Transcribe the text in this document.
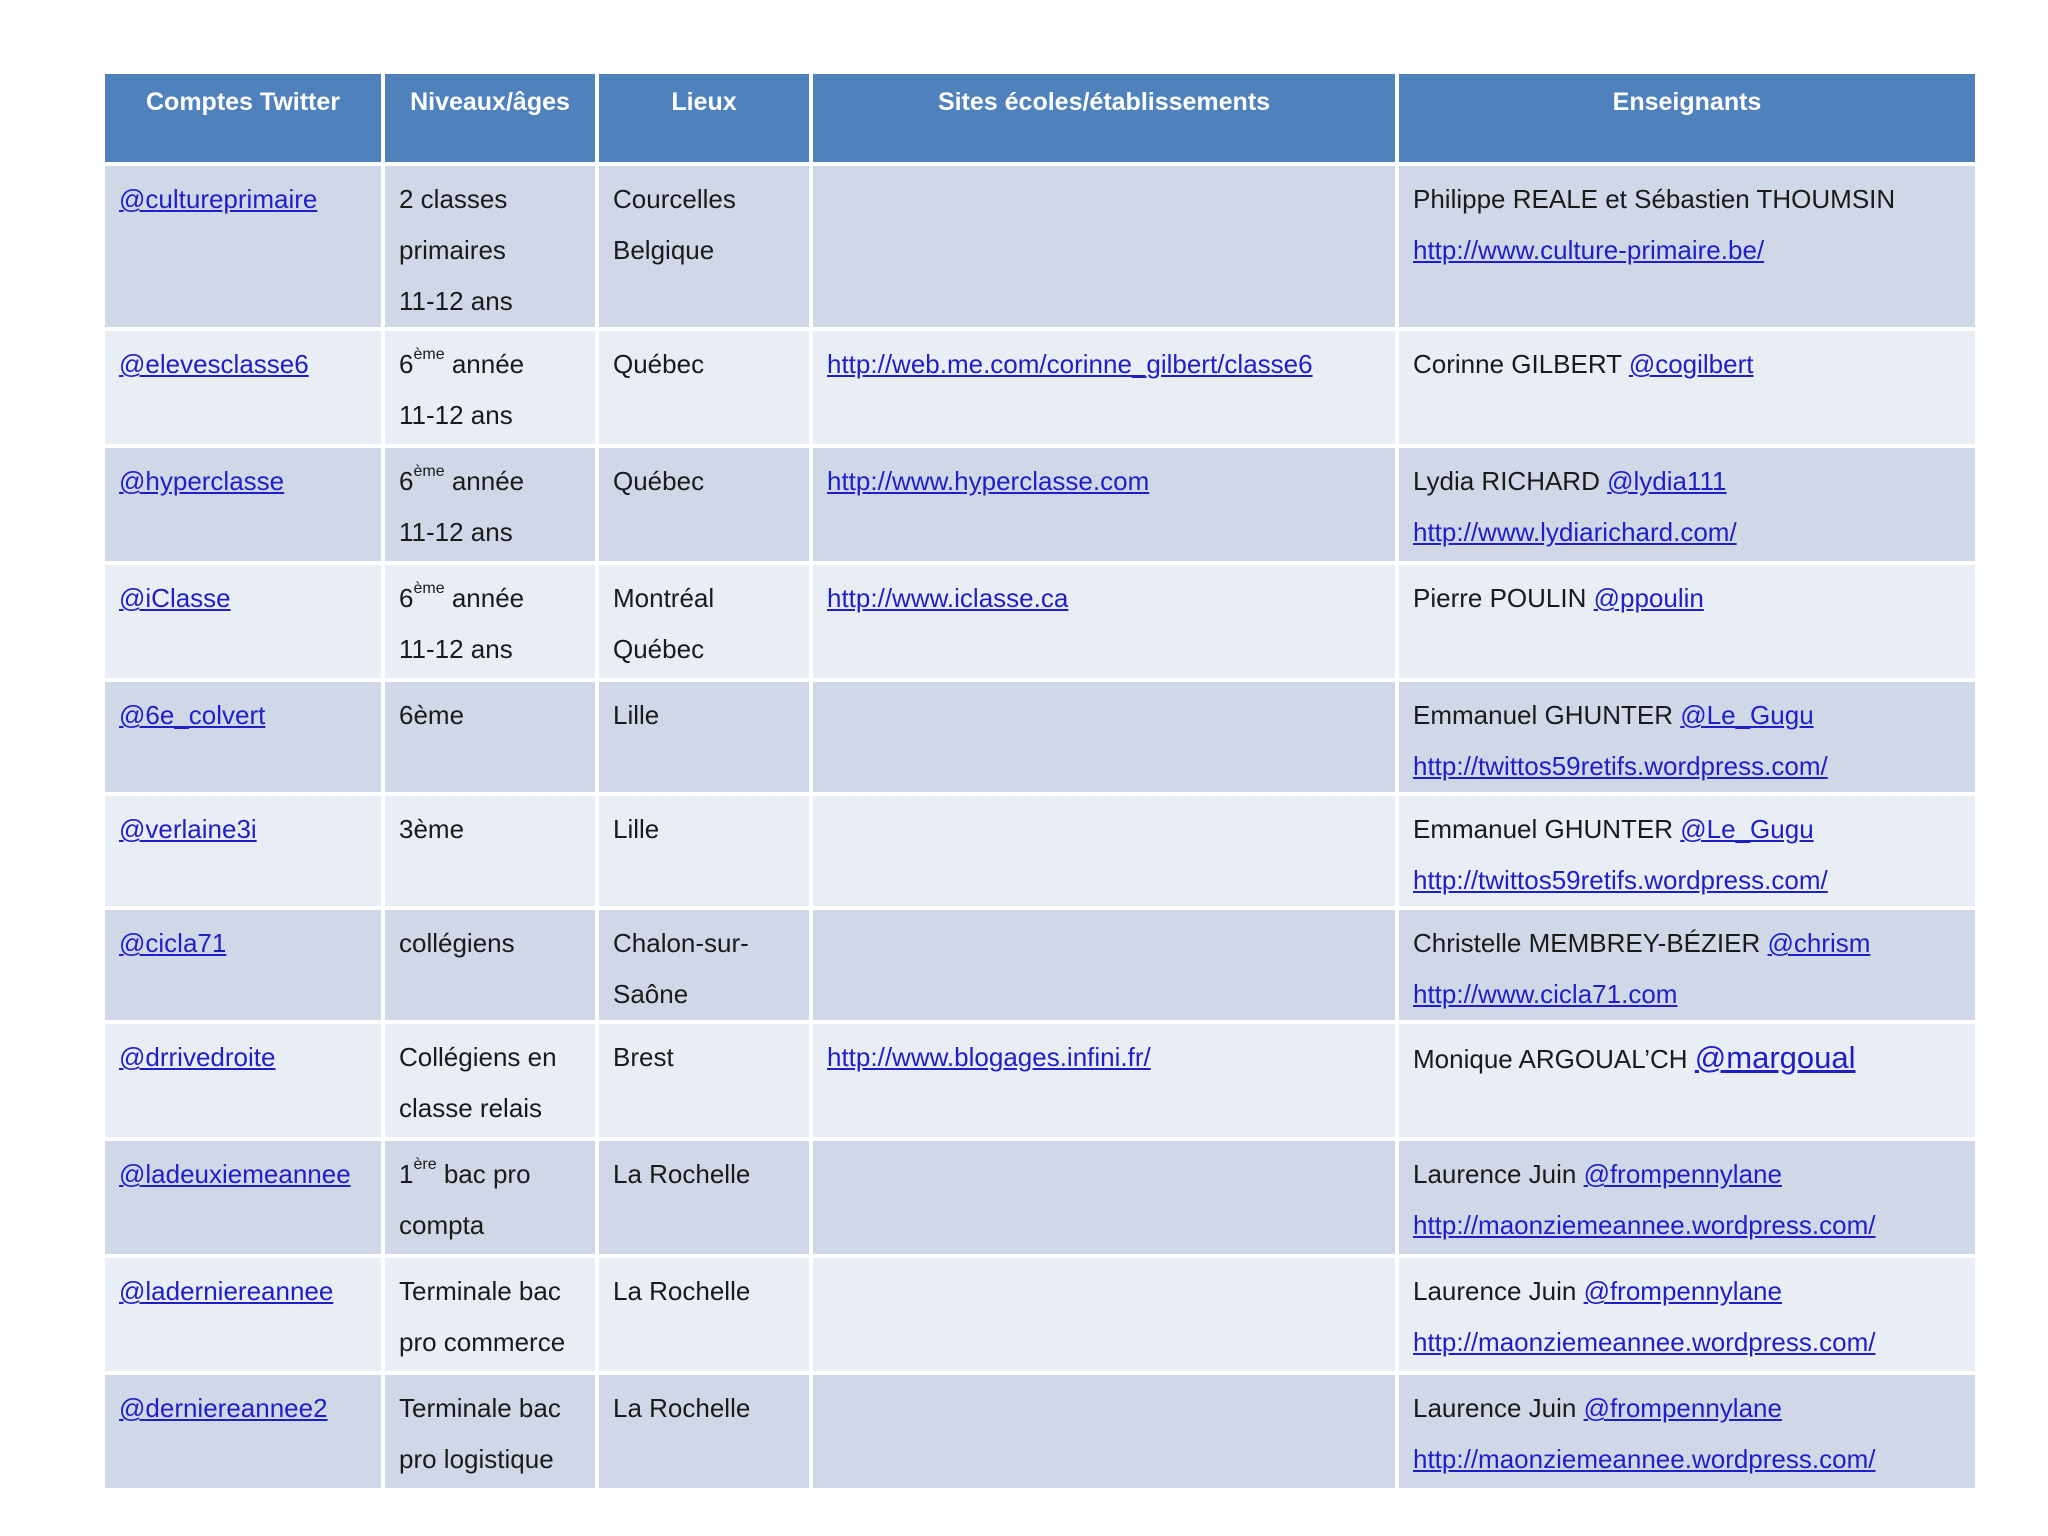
Comptes Twitter	Niveaux/âges	Lieux	Sites écoles/établissements	Enseignants
@cultureprimaire	2 classes
primaires
11-12 ans	Courcelles
Belgique		Philippe REALE et Sébastien THOUMSIN
http://www.culture-primaire.be/

@elevesclasse6	6ème année
11-12 ans	Québec	http://web.me.com/corinne_gilbert/classe6	Corinne GILBERT @cogilbert

@hyperclasse	6ème année
11-12 ans	Québec	http://www.hyperclasse.com	Lydia RICHARD @lydia111
http://www.lydiarichard.com/

@iClasse	6ème année
11-12 ans	Montréal
Québec	http://www.iclasse.ca	Pierre POULIN @ppoulin

@6e_colvert	6ème	Lille		Emmanuel GHUNTER @Le_Gugu
http://twittos59retifs.wordpress.com/

@verlaine3i	3ème	Lille		Emmanuel GHUNTER @Le_Gugu
http://twittos59retifs.wordpress.com/

@cicla71	collégiens	Chalon-sur-
Saône		Christelle MEMBREY-BÉZIER @chrism
http://www.cicla71.com

@drrivedroite	Collégiens en
classe relais	Brest	http://www.blogages.infini.fr/	Monique ARGOUAL’CH @margoual

@ladeuxiemeannee	1ère bac pro
compta	La Rochelle		Laurence Juin @frompennylane
http://maonziemeannee.wordpress.com/

@laderniereannee	Terminale bac
pro commerce	La Rochelle		Laurence Juin @frompennylane
http://maonziemeannee.wordpress.com/

@derniereannee2	Terminale bac
pro logistique	La Rochelle		Laurence Juin @frompennylane
http://maonziemeannee.wordpress.com/
